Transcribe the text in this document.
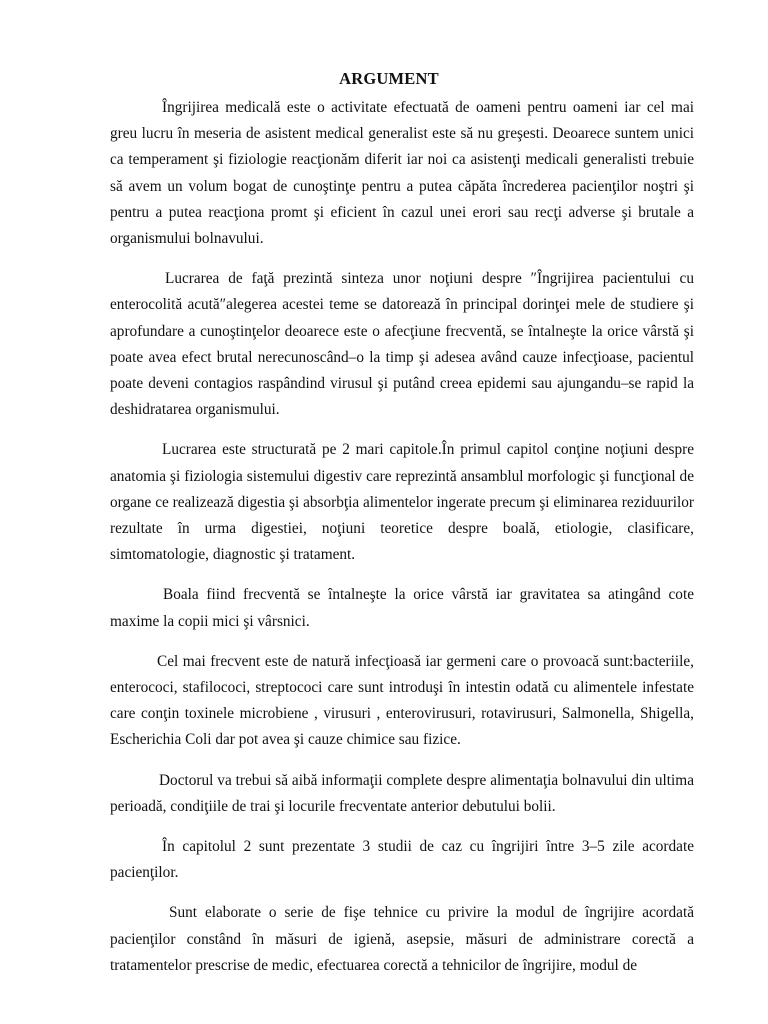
ARGUMENT

Îngrijirea medicală este o activitate efectuată de oameni pentru oameni iar cel mai greu lucru în meseria de asistent medical generalist este să nu greşesti. Deoarece suntem unici ca temperament şi fiziologie reacţionăm diferit iar noi ca asistenţi medicali generalisti trebuie să avem un volum bogat de cunoştinţe pentru a putea căpăta încrederea pacienţilor noştri şi pentru a putea reacţiona promt şi eficient în cazul unei erori sau recţi adverse şi brutale a organismului bolnavului.

Lucrarea de faţă prezintă sinteza unor noţiuni despre ″Îngrijirea pacientului cu enterocolită acută″alegerea acestei teme se datorează în principal dorinţei mele de studiere şi aprofundare a cunoştinţelor deoarece este o afecţiune frecventă, se întalneşte la orice vârstă şi poate avea efect brutal nerecunoscând–o la timp şi adesea având cauze infecţioase, pacientul poate deveni contagios raspândind virusul şi putând creea epidemi sau ajungandu–se rapid la deshidratarea organismului.

Lucrarea este structurată pe 2 mari capitole.În primul capitol conţine noţiuni despre anatomia şi fiziologia sistemului digestiv care reprezintă ansamblul morfologic şi funcţional de organe ce realizează digestia şi absorbţia alimentelor ingerate precum şi eliminarea reziduurilor rezultate în urma digestiei, noţiuni teoretice despre boală, etiologie, clasificare, simtomatologie, diagnostic şi tratament.

Boala fiind frecventă se întalneşte la orice vârstă iar gravitatea sa atingând cote maxime la copii mici şi vârsnici.

Cel mai frecvent este de natură infecţioasă iar germeni care o provoacă sunt:bacteriile, enterococi, stafilococi, streptococi care sunt introduşi în intestin odată cu alimentele infestate care conţin toxinele microbiene , virusuri , enterovirusuri, rotavirusuri, Salmonella, Shigella, Escherichia Coli dar pot avea şi cauze chimice sau fizice.

Doctorul va trebui să aibă informaţii complete despre alimentaţia bolnavului din ultima perioadă, condiţiile de trai şi locurile frecventate anterior debutului bolii.

În capitolul 2 sunt prezentate 3 studii de caz cu îngrijiri între 3–5 zile acordate pacienţilor.

Sunt elaborate o serie de fişe tehnice cu privire la modul de îngrijire acordată pacienţilor constând în măsuri de igienă, asepsie, măsuri de administrare corectă a tratamentelor prescrise de medic, efectuarea corectă a tehnicilor de îngrijire, modul de
